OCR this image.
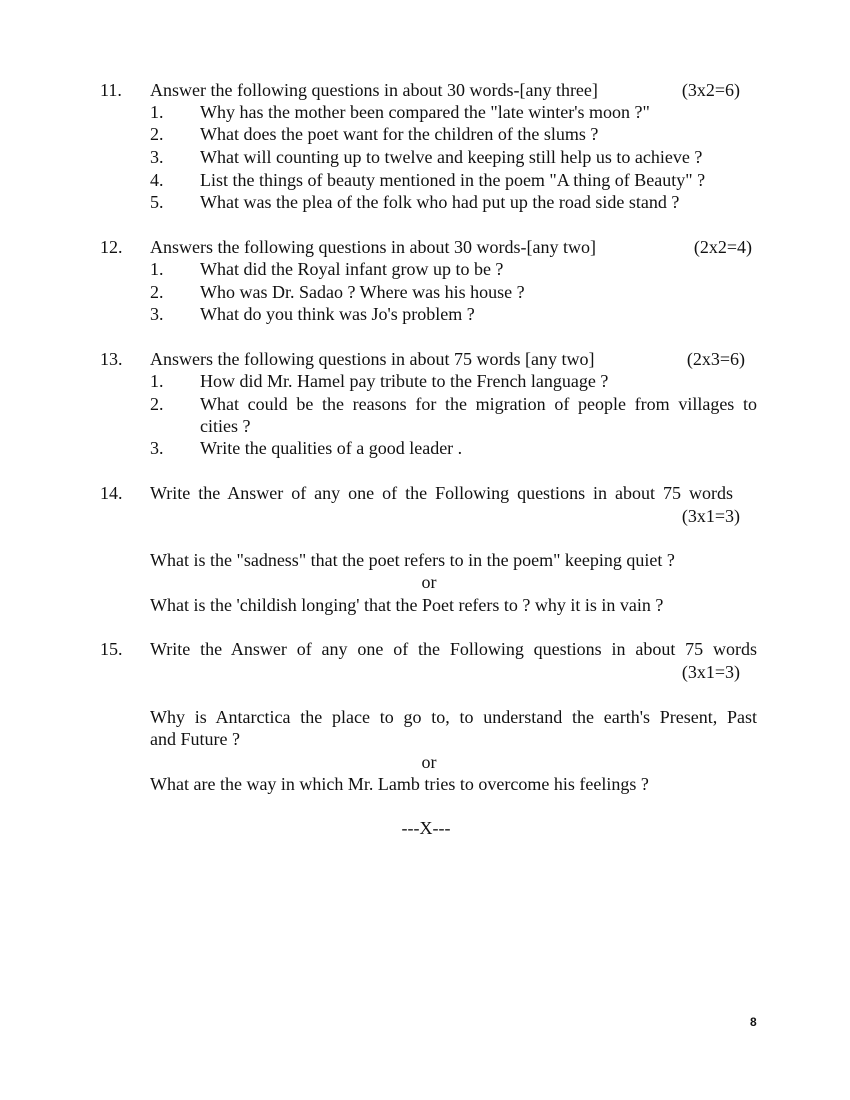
11. Answer the following questions in about 30 words-[any three]	(3x2=6)
1. Why has the mother been compared the "late winter's moon ?"
2. What does the poet want for the children of the slums ?
3. What will counting up to twelve and keeping still help us to achieve ?
4. List the things of beauty mentioned in the poem "A thing of Beauty" ?
5. What was the plea of the folk who had put up the road side stand ?
12. Answers the following questions in about 30 words-[any two]	(2x2=4)
1. What did the Royal infant grow up to be ?
2. Who was Dr. Sadao ? Where was his house ?
3. What do you think was Jo's problem ?
13. Answers the following questions in about 75 words [any two]	(2x3=6)
1. How did Mr. Hamel pay tribute to the French language ?
2. What could be the reasons for the migration of people from villages to
cities ?
3. Write the qualities of a good leader .
14. Write the Answer of any one of the Following questions in about 75 words
(3x1=3)
What is the "sadness" that the poet refers to in the poem" keeping quiet ?
or
What is the 'childish longing' that the Poet refers to ? why it is in vain ?
15. Write the Answer of any one of the Following questions in about 75 words
(3x1=3)
Why is Antarctica the place to go to, to understand the earth's Present, Past
and Future ?
or
What are the way in which Mr. Lamb tries to overcome his feelings ?
---X---
8
